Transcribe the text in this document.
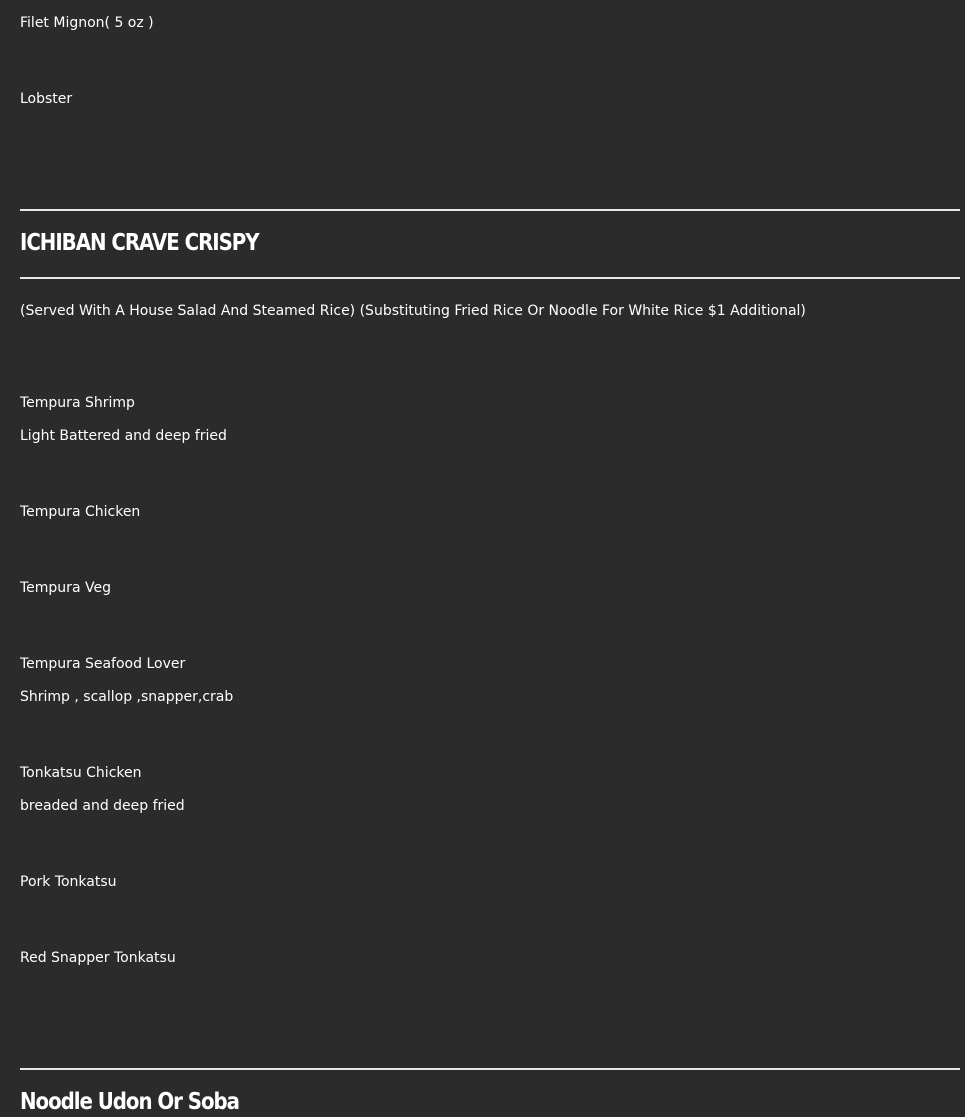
Filet Mignon( 5 oz )
Lobster
ICHIBAN CRAVE CRISPY
(Served With A House Salad And Steamed Rice) (Substituting Fried Rice Or Noodle For White Rice $1 Additional)
Tempura Shrimp
Light Battered and deep fried
Tempura Chicken
Tempura Veg
Tempura Seafood Lover
Shrimp , scallop ,snapper,crab
Tonkatsu Chicken
breaded and deep fried
Pork Tonkatsu
Red Snapper Tonkatsu
Noodle Udon Or Soba
